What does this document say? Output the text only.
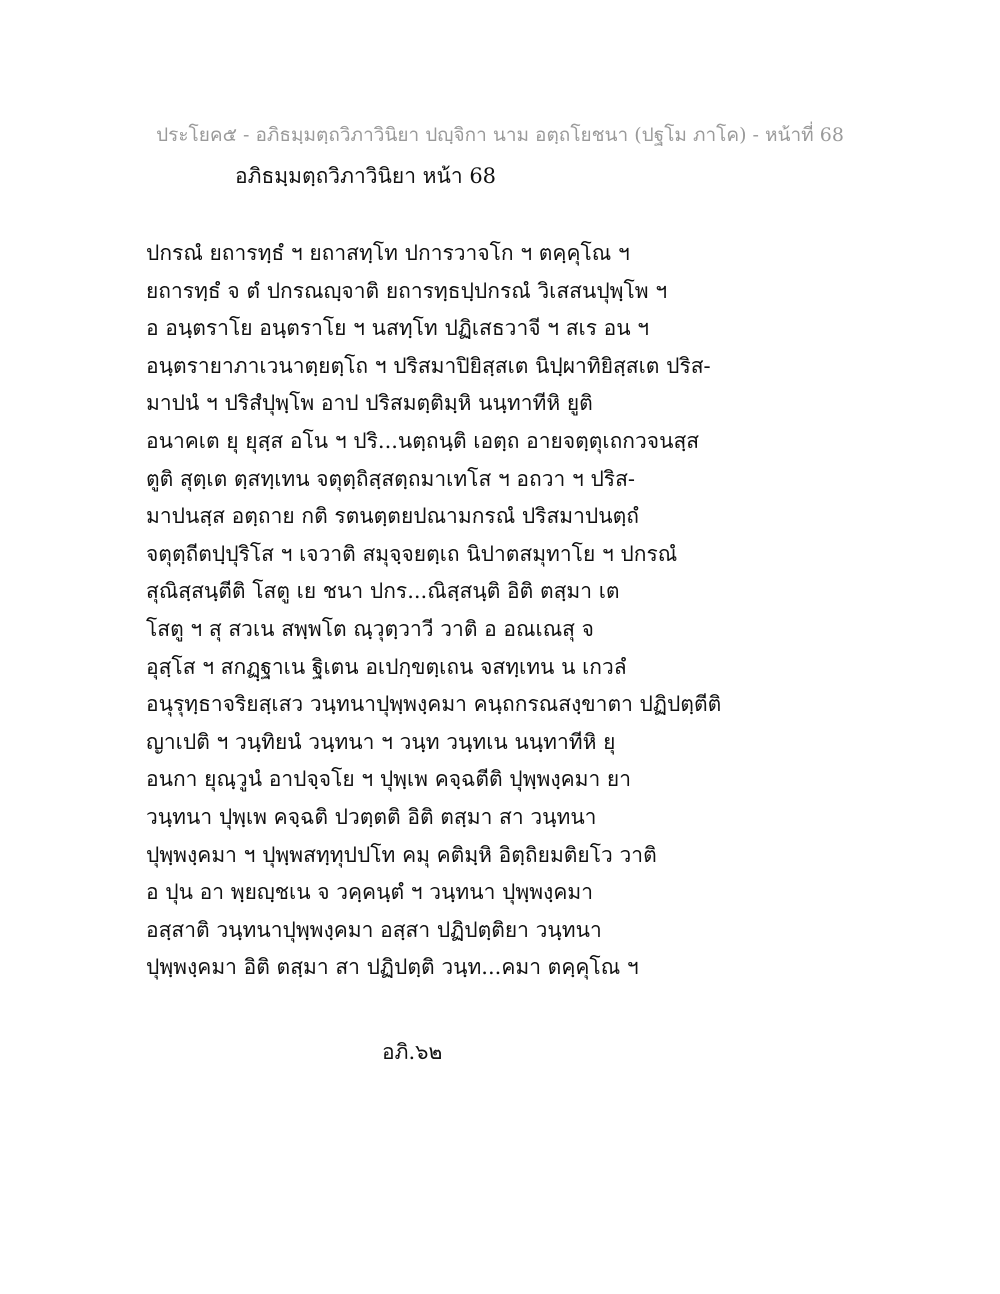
ประโยค๕ - อภิธมฺมตฺถวิภาวินิยา ปญฺจิกา นาม อตฺถโยชนา (ปฐโม ภาโค) - หน้าที่ 68
อภิธมฺมตฺถวิภาวินิยา หน้า 68
ปกรณํ ยถารทฺธํ ฯ ยถาสทฺโท ปการวาจโก ฯ ตคฺคุโณ ฯ
ยถารทฺธํ จ ตํ ปกรณญฺจาติ ยถารทฺธปฺปกรณํ วิเสสนปุพฺโพ ฯ
อ อนฺตราโย อนฺตราโย ฯ นสทฺโท ปฏิเสธวาจี ฯ สเร อน ฯ
อนฺตรายาภาเวนาตฺยตฺโถ ฯ ปริสมาปิยิสฺสเต นิปฺผาทิยิสฺสเต ปริส-
มาปนํ ฯ ปริสํปุพฺโพ อาป ปริสมตฺติมฺหิ นนฺทาทีหิ ยูติ
อนาคเต ยุ ยุสฺส อโน ฯ ปริ...นตฺถนฺติ เอตฺถ อายจตฺตุเถกวจนสฺส
ตูติ สุตฺเต ตฺสทฺเทน จตุตฺถิสฺสตฺถมาเทโส ฯ อถวา ฯ ปริส-
มาปนสฺส อตฺถาย กติ รตนตฺตยปณามกรณํ ปริสมาปนตฺถํ
จตุตฺถีตปฺปุริโส ฯ เจวาติ สมุจฺจยตฺเถ นิปาตสมุทาโย ฯ ปกรณํ
สุณิสฺสนฺตีติ โสตู เย ชนา ปกร...ณิสฺสนฺติ อิติ ตสฺมา เต
โสตู ฯ สุ สวเน สพฺพโต ณฺวุตฺวาวี วาติ อ อณเณสุ จ
อุสฺโส ฯ สกฏฺฐาเน ฐิเตน อเปกฺขตฺเถน จสทฺเทน น เกวลํ
อนุรุทฺธาจริยสฺเสว วนฺทนาปุพฺพงฺคมา คนฺถกรณสงฺขาตา ปฏิปตฺตีติ
ญาเปติ ฯ วนฺทิยนํ วนฺทนา ฯ วนฺท วนฺทเน นนฺทาทีหิ ยุ
อนกา ยุณฺวูนํ อาปจฺจโย ฯ ปุพฺเพ คจฺฉตีติ ปุพฺพงฺคมา ยา
วนฺทนา ปุพฺเพ คจฺฉติ ปวตฺตติ อิติ ตสฺมา สา วนฺทนา
ปุพฺพงฺคมา ฯ ปุพฺพสทฺทุปปโท คมุ คติมฺหิ อิตฺถิยมติยโว วาติ
อ ปุน อา พฺยญฺชเน จ วคฺคนฺตํ ฯ วนฺทนา ปุพฺพงฺคมา
อสฺสาติ วนฺทนาปุพฺพงฺคมา อสฺสา ปฏิปตฺติยา วนฺทนา
ปุพฺพงฺคมา อิติ ตสฺมา สา ปฏิปตฺติ วนฺท...คมา ตคฺคุโณ ฯ
อภิ.๖๒
